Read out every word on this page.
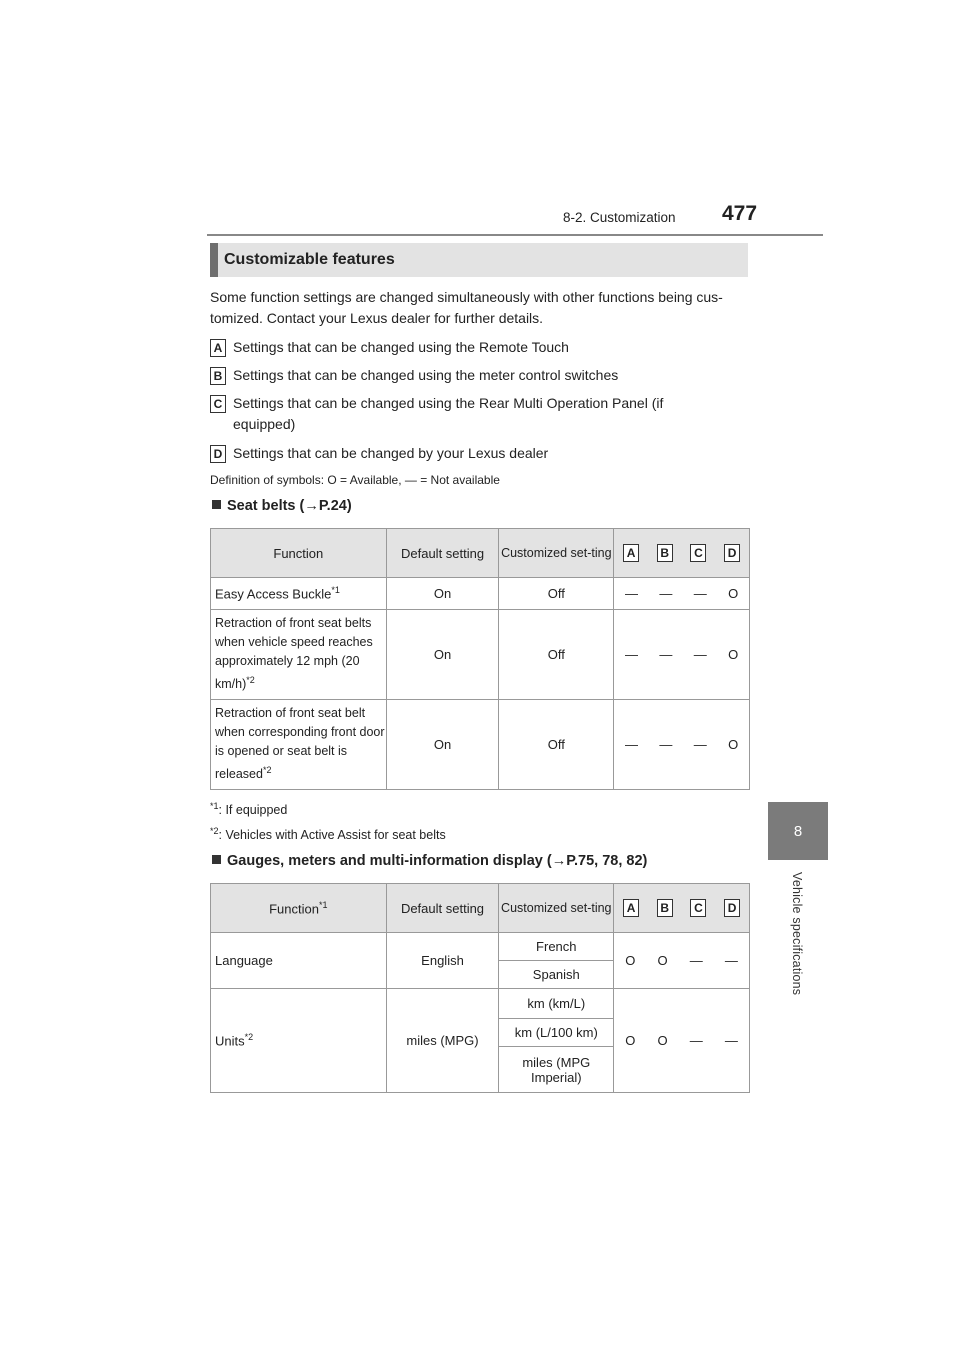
8-2. Customization 477
8
Vehicle specifications
Customizable features
Some function settings are changed simultaneously with other functions being cus-tomized. Contact your Lexus dealer for further details.
A Settings that can be changed using the Remote Touch
B Settings that can be changed using the meter control switches
C Settings that can be changed using the Rear Multi Operation Panel (if
equipped)
D Settings that can be changed by your Lexus dealer
Definition of symbols: O = Available, — = Not available
Seat belts (→P.24)
Function	Default setting	Customized set-ting	A B C D

Easy Access Buckle$^{*1}$	On	Off	— — — O

Retraction of front seat belts when vehicle speed reaches approximately 12 mph (20 km/h)$^{*2}$	On	Off	— — — O

Retraction of front seat belt when corresponding front door is opened or seat belt is released$^{*2}$	On	Off	— — — O
$^{*1}$: If equipped
$^{*2}$: Vehicles with Active Assist for seat belts
Gauges, meters and multi-information display (→P.75, 78, 82)
Function$^{*1}$	Default setting	Customized set-ting	A B C D

Language	English	French	O O — —

		Spanish	
Units$^{*2}$	miles (MPG)	km (km/L)	O O — —

		km (L/100 km)	
		miles (MPG Imperial)	
